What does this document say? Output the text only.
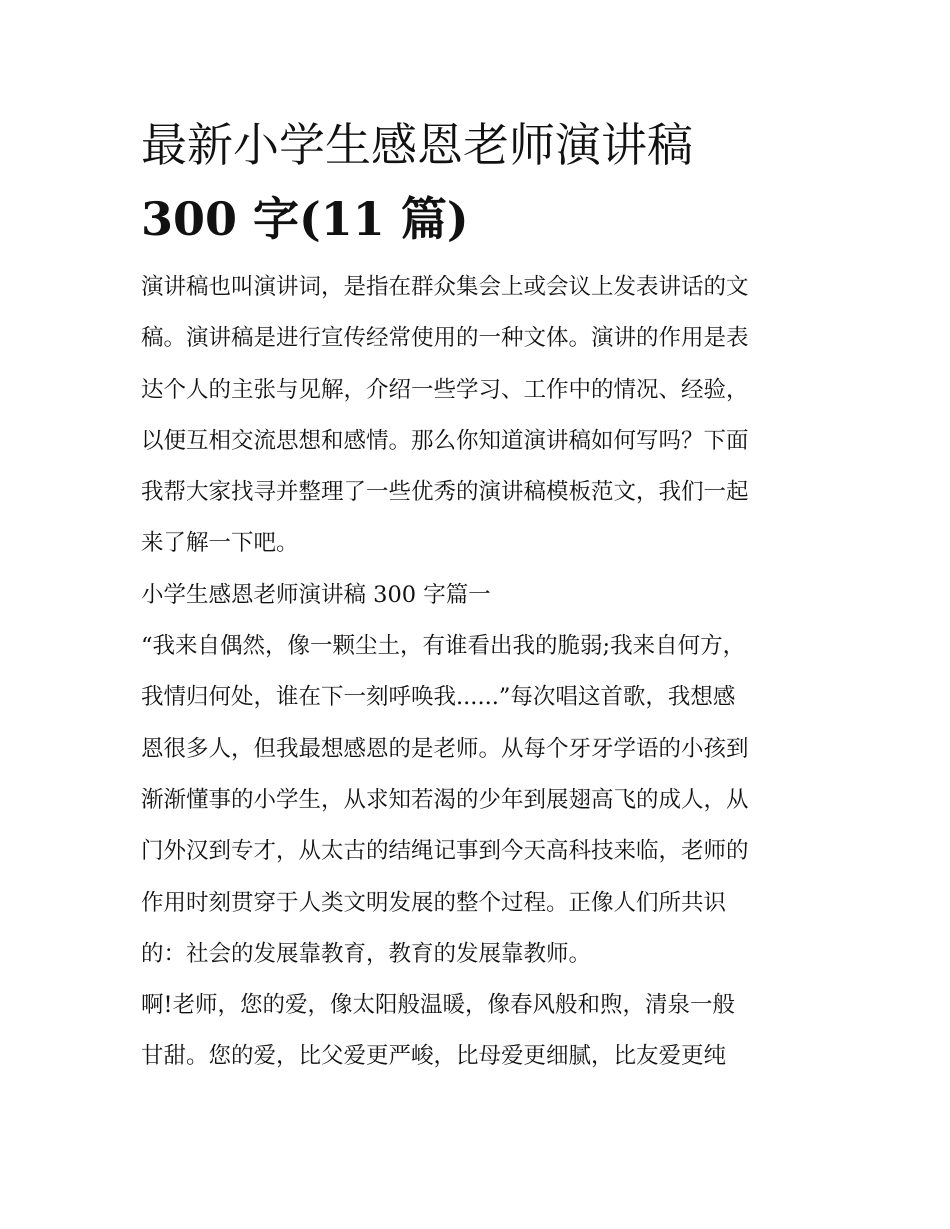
最新小学生感恩老师演讲稿
300 字(11 篇)
演讲稿也叫演讲词，是指在群众集会上或会议上发表讲话的文
稿。演讲稿是进行宣传经常使用的一种文体。演讲的作用是表
达个人的主张与见解，介绍一些学习、工作中的情况、经验，
以便互相交流思想和感情。那么你知道演讲稿如何写吗？下面
我帮大家找寻并整理了一些优秀的演讲稿模板范文，我们一起
来了解一下吧。
小学生感恩老师演讲稿 300 字篇一
“我来自偶然，像一颗尘土，有谁看出我的脆弱;我来自何方，
我情归何处，谁在下一刻呼唤我......”每次唱这首歌，我想感
恩很多人，但我最想感恩的是老师。从每个牙牙学语的小孩到
渐渐懂事的小学生，从求知若渴的少年到展翅高飞的成人，从
门外汉到专才，从太古的结绳记事到今天高科技来临，老师的
作用时刻贯穿于人类文明发展的整个过程。正像人们所共识
的：社会的发展靠教育，教育的发展靠教师。
啊!老师，您的爱，像太阳般温暖，像春风般和煦，清泉一般
甘甜。您的爱，比父爱更严峻，比母爱更细腻，比友爱更纯
